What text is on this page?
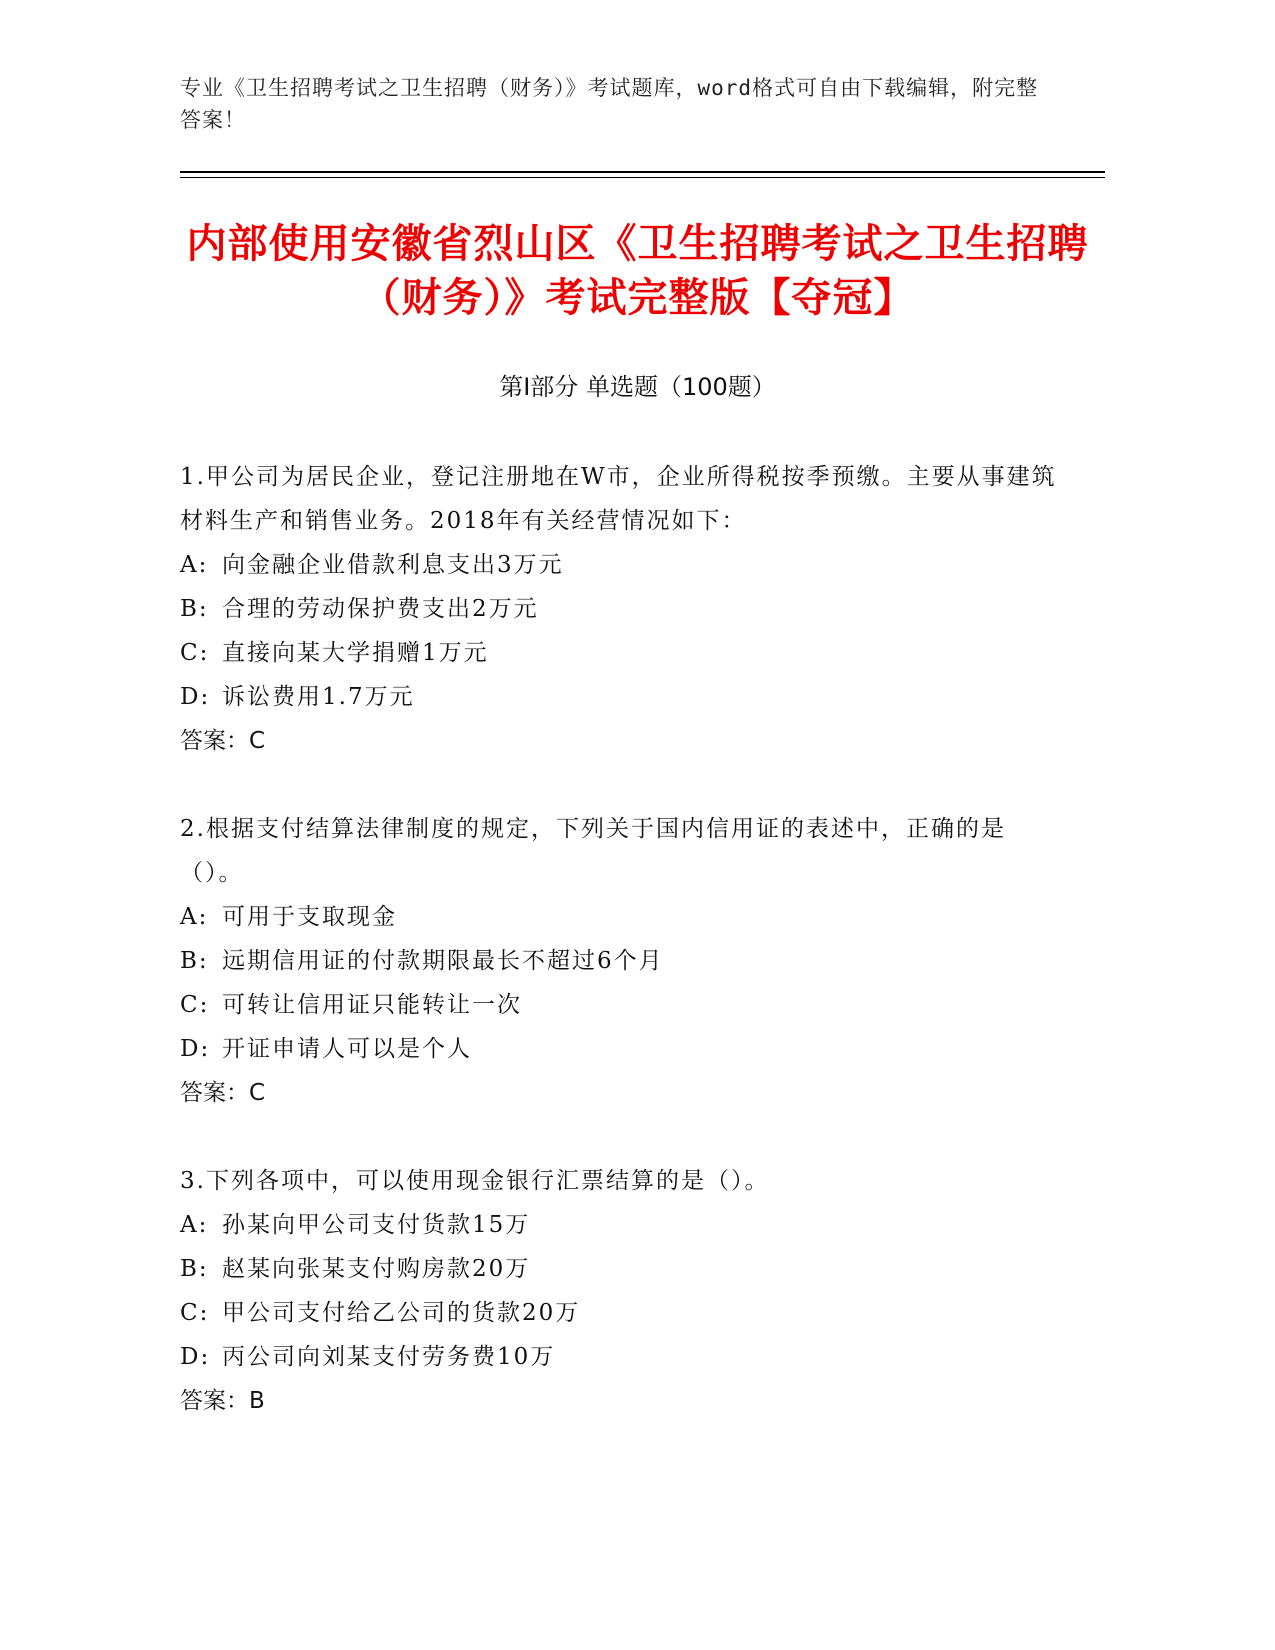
专业《卫生招聘考试之卫生招聘（财务）》考试题库，word格式可自由下载编辑，附完整答案！
内部使用安徽省烈山区《卫生招聘考试之卫生招聘（财务）》考试完整版【夺冠】
第Ⅰ部分 单选题（100题）

1.甲公司为居民企业，登记注册地在W市，企业所得税按季预缴。主要从事建筑材料生产和销售业务。2018年有关经营情况如下：

A: 向金融企业借款利息支出3万元

B: 合理的劳动保护费支出2万元

C: 直接向某大学捐赠1万元

D: 诉讼费用1.7万元

答案：C

2.根据支付结算法律制度的规定，下列关于国内信用证的表述中，正确的是（）。

A: 可用于支取现金

B: 远期信用证的付款期限最长不超过6个月

C: 可转让信用证只能转让一次

D: 开证申请人可以是个人

答案：C

3.下列各项中，可以使用现金银行汇票结算的是（）。

A: 孙某向甲公司支付货款15万

B: 赵某向张某支付购房款20万

C: 甲公司支付给乙公司的货款20万

D: 丙公司向刘某支付劳务费10万

答案：B
